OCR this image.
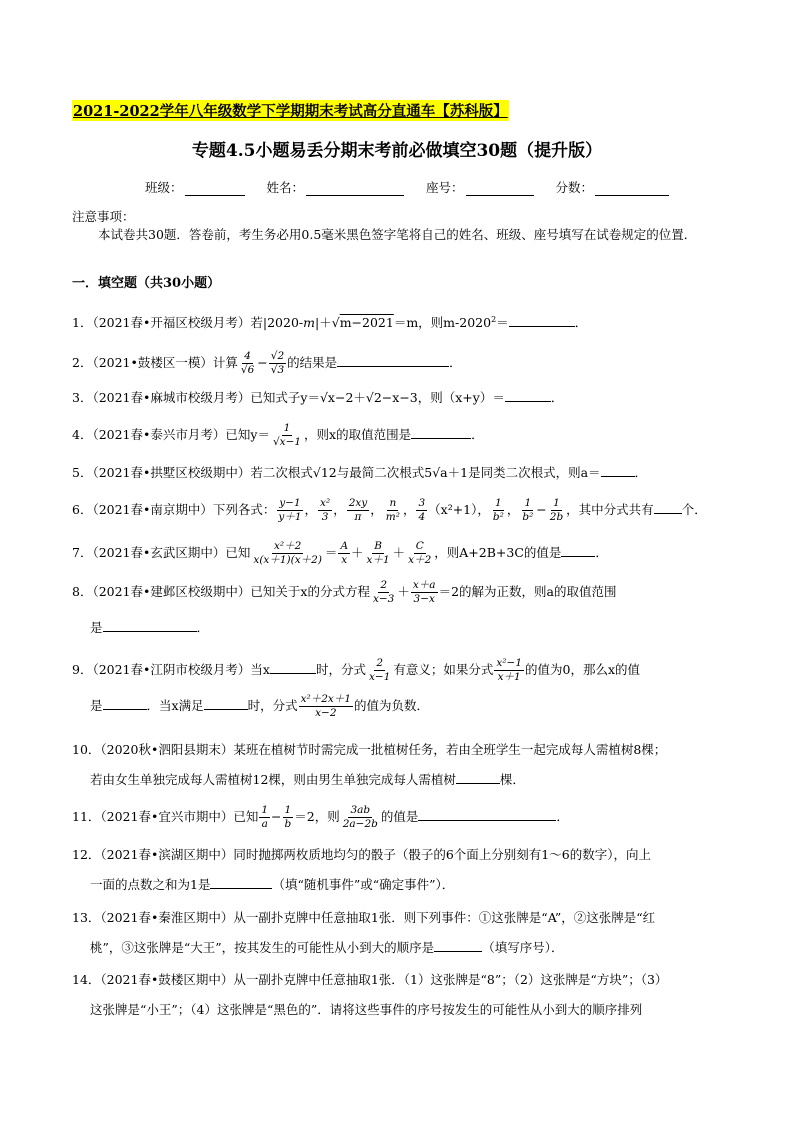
2021-2022学年八年级数学下学期期末考试高分直通车【苏科版】
专题4.5小题易丢分期末考前必做填空30题（提升版）
班级：	姓名：	座号：	分数：
注意事项：
本试卷共30题．答卷前，考生务必用0.5毫米黑色签字笔将自己的姓名、班级、座号填写在试卷规定的位置．
一．填空题（共30小题）
1．（2021春•开福区校级月考）若|2020-m|＋√m−2021＝m，则$m-2020^2=$	．
2．（2021•鼓楼区一模）计算 $\frac{4}{√6} - \frac{√2}{√3}$ 的结果是	．
3．（2021春•麻城市校级月考）已知式子y＝√x−2＋√2−x−3，则（x+y）＝	．
4．（2021春•泰兴市月考）已知$y= \frac{1}{√x-1}$ ，则x的取值范围是	．
5．（2021春•拱墅区校级期中）若二次根式√12与最简二次根式5√a＋1是同类二次根式，则a＝	．
6．（2021春•南京期中）下列各式： $\frac{y-1}{y+1}$ ， $\frac{\text{x²}}{3}$ ， $\frac{2xy}{\pi}$ ， $\frac{n}{\text{m²}}$ ， $\frac{3}{4} (x^2+1)$， $\frac{1}{\text{b²}}$ ， $\frac{1}{\text{b²}} - \frac{1}{2b}$ ，其中分式共有 个．
7．（2021春•玄武区期中）已知 $\frac{\text{x²＋2}}{x(x+1)(x+2)} = \frac{A}{x} + \frac{B}{x+1} + \frac{C}{x+2}$ ，则A+2B+3C的值是	．
8．（2021春•建邺区校级期中）已知关于x的分式方程 $\frac{2}{x-3} + \frac{x+a}{3-x} =2$的解为正数，则a的取值范围
是	．
9．（2021春•江阴市校级月考）当x	时，分式 $\frac{2}{x-1}$ 有意义；如果分式 $\frac{\text{x²−1}}{x+1}$ 的值为0，那么x的值
是	．当x满足	时，分式 $\frac{\text{x²＋2x＋1}}{x-2}$ 的值为负数．
10．（2020秋•泗阳县期末）某班在植树节时需完成一批植树任务，若由全班学生一起完成每人需植树8棵；
若由女生单独完成每人需植树12棵，则由男生单独完成每人需植树	棵．
11．（2021春•宜兴市期中）已知 $\frac{1}{a} - \frac{1}{b} =2$，则 $\frac{3ab}{2a-2b}$ 的值是	．
12．（2021春•滨湖区期中）同时抛掷两枚质地均匀的骰子（骰子的6个面上分别刻有1～6的数字），向上
一面的点数之和为1是	（填“随机事件”或“确定事件”）．
13．（2021春•秦淮区期中）从一副扑克牌中任意抽取1张．则下列事件：①这张牌是“A”，②这张牌是“红
桃”，③这张牌是“大王”，按其发生的可能性从小到大的顺序是	（填写序号）．
14．（2021春•鼓楼区期中）从一副扑克牌中任意抽取1张．（1）这张牌是“8”；（2）这张牌是“方块”；（3）
这张牌是“小王”；（4）这张牌是“黑色的”．请将这些事件的序号按发生的可能性从小到大的顺序排列
